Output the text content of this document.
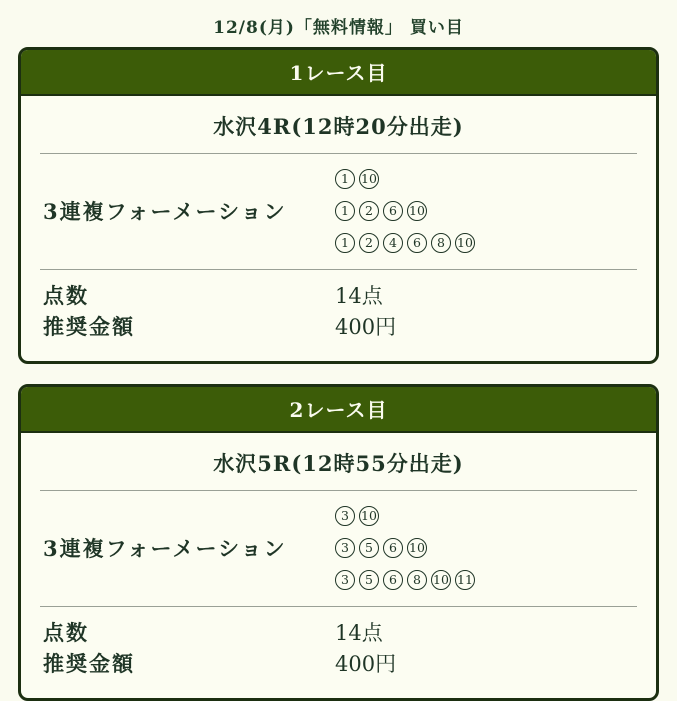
12/8(月)「無料情報」 買い目
1レース目
水沢4R(12時20分出走)
3連複フォーメーション
1 10
1	2	6 10
1	2	4	6	8 10
点数	14点
推奨金額	400円
2レース目
水沢5R(12時55分出走)
3連複フォーメーション
3 10
3	5	6 10
3	5	6	8 10 11
点数	14点
推奨金額	400円
